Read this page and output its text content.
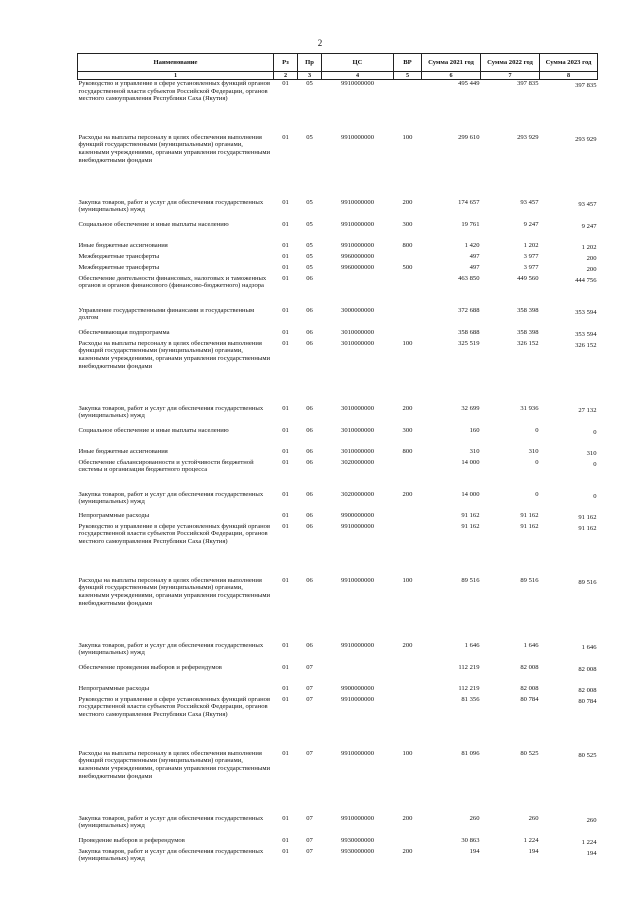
2
Наименование	Рз	Пр	ЦС	ВР	Сумма 2021 год	Сумма 2022 год	Сумма 2023 год
1	2	3	4	5	6	7	8
Руководство и управление в сфере установленных функций органов государственной власти субъектов Российской Федерации, органов местного самоуправления Республики Саха (Якутия)	01	05	9910000000		495 449	397 835	397 835
Расходы на выплаты персоналу в целях обеспечения выполнения функций государственными (муниципальными) органами, казенными учреждениями, органами управления государственными внебюджетными фондами	01	05	9910000000	100	299 610	293 929	293 929
Закупка товаров, работ и услуг для обеспечения государственных (муниципальных) нужд	01	05	9910000000	200	174 657	93 457	93 457
Социальное обеспечение и иные выплаты населению	01	05	9910000000	300	19 761	9 247	9 247
Иные бюджетные ассигнования	01	05	9910000000	800	1 420	1 202	1 202
Межбюджетные трансферты	01	05	9960000000		497	3 977	200
Межбюджетные трансферты	01	05	9960000000	500	497	3 977	200
Обеспечение деятельности финансовых, налоговых и таможенных органов и органов финансового (финансово-бюджетного) надзора	01	06			463 850	449 560	444 756
Управление государственными финансами и государственным долгом	01	06	3000000000		372 688	358 398	353 594
Обеспечивающая подпрограмма	01	06	3010000000		358 688	358 398	353 594
Расходы на выплаты персоналу в целях обеспечения выполнения функций государственными (муниципальными) органами, казенными учреждениями, органами управления государственными внебюджетными фондами	01	06	3010000000	100	325 519	326 152	326 152
Закупка товаров, работ и услуг для обеспечения государственных (муниципальных) нужд	01	06	3010000000	200	32 699	31 936	27 132
Социальное обеспечение и иные выплаты населению	01	06	3010000000	300	160	0	0
Иные бюджетные ассигнования	01	06	3010000000	800	310	310	310
Обеспечение сбалансированности и устойчивости бюджетной системы и организация бюджетного процесса	01	06	3020000000		14 000	0	0
Закупка товаров, работ и услуг для обеспечения государственных (муниципальных) нужд	01	06	3020000000	200	14 000	0	0
Непрограммные расходы	01	06	9900000000		91 162	91 162	91 162
Руководство и управление в сфере установленных функций органов государственной власти субъектов Российской Федерации, органов местного самоуправления Республики Саха (Якутия)	01	06	9910000000		91 162	91 162	91 162
Расходы на выплаты персоналу в целях обеспечения выполнения функций государственными (муниципальными) органами, казенными учреждениями, органами управления государственными внебюджетными фондами	01	06	9910000000	100	89 516	89 516	89 516
Закупка товаров, работ и услуг для обеспечения государственных (муниципальных) нужд	01	06	9910000000	200	1 646	1 646	1 646
Обеспечение проведения выборов и референдумов	01	07			112 219	82 008	82 008
Непрограммные расходы	01	07	9900000000		112 219	82 008	82 008
Руководство и управление в сфере установленных функций органов государственной власти субъектов Российской Федерации, органов местного самоуправления Республики Саха (Якутия)	01	07	9910000000		81 356	80 784	80 784
Расходы на выплаты персоналу в целях обеспечения выполнения функций государственными (муниципальными) органами, казенными учреждениями, органами управления государственными внебюджетными фондами	01	07	9910000000	100	81 096	80 525	80 525
Закупка товаров, работ и услуг для обеспечения государственных (муниципальных) нужд	01	07	9910000000	200	260	260	260
Проведение выборов и референдумов	01	07	9930000000		30 863	1 224	1 224
Закупка товаров, работ и услуг для обеспечения государственных (муниципальных) нужд	01	07	9930000000	200	194	194	194
